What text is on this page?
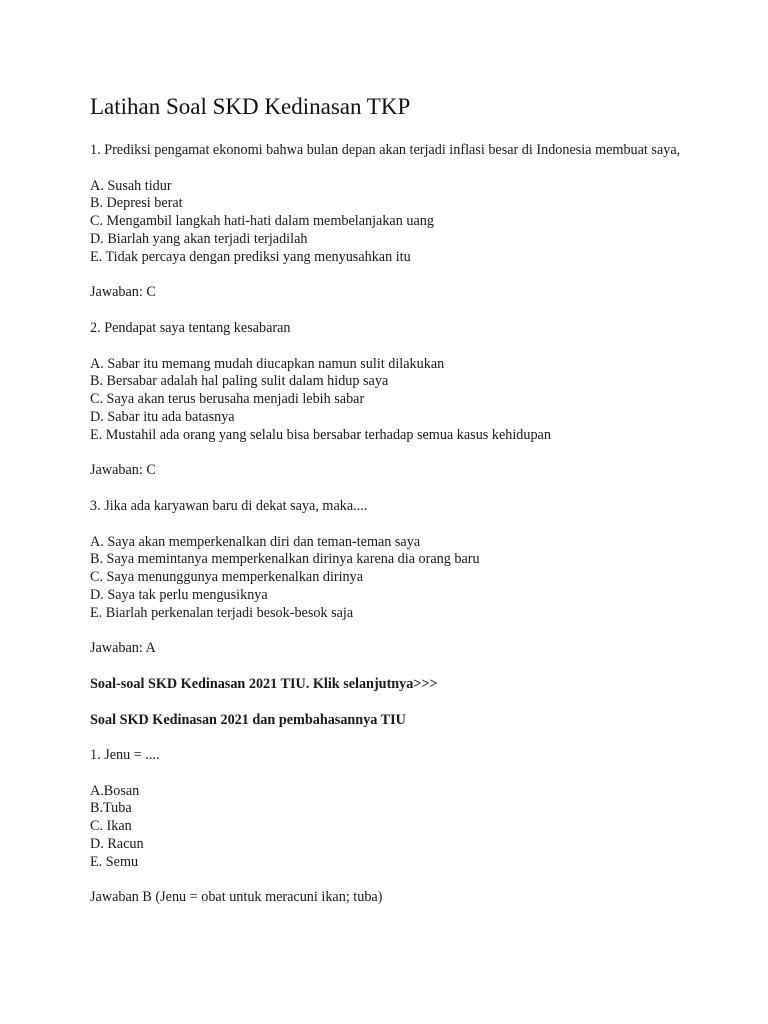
Latihan Soal SKD Kedinasan TKP

1. Prediksi pengamat ekonomi bahwa bulan depan akan terjadi inflasi besar di Indonesia membuat saya,

A. Susah tidur
B. Depresi berat
C. Mengambil langkah hati-hati dalam membelanjakan uang
D. Biarlah yang akan terjadi terjadilah
E. Tidak percaya dengan prediksi yang menyusahkan itu

Jawaban: C

2. Pendapat saya tentang kesabaran

A. Sabar itu memang mudah diucapkan namun sulit dilakukan
B. Bersabar adalah hal paling sulit dalam hidup saya
C. Saya akan terus berusaha menjadi lebih sabar
D. Sabar itu ada batasnya
E. Mustahil ada orang yang selalu bisa bersabar terhadap semua kasus kehidupan

Jawaban: C

3. Jika ada karyawan baru di dekat saya, maka....

A. Saya akan memperkenalkan diri dan teman-teman saya
B. Saya memintanya memperkenalkan dirinya karena dia orang baru
C. Saya menunggunya memperkenalkan dirinya
D. Saya tak perlu mengusiknya
E. Biarlah perkenalan terjadi besok-besok saja

Jawaban: A

Soal-soal SKD Kedinasan 2021 TIU. Klik selanjutnya>>>

Soal SKD Kedinasan 2021 dan pembahasannya TIU

1. Jenu = ....

A.Bosan
B.Tuba
C. Ikan
D. Racun
E. Semu

Jawaban B (Jenu = obat untuk meracuni ikan; tuba)
